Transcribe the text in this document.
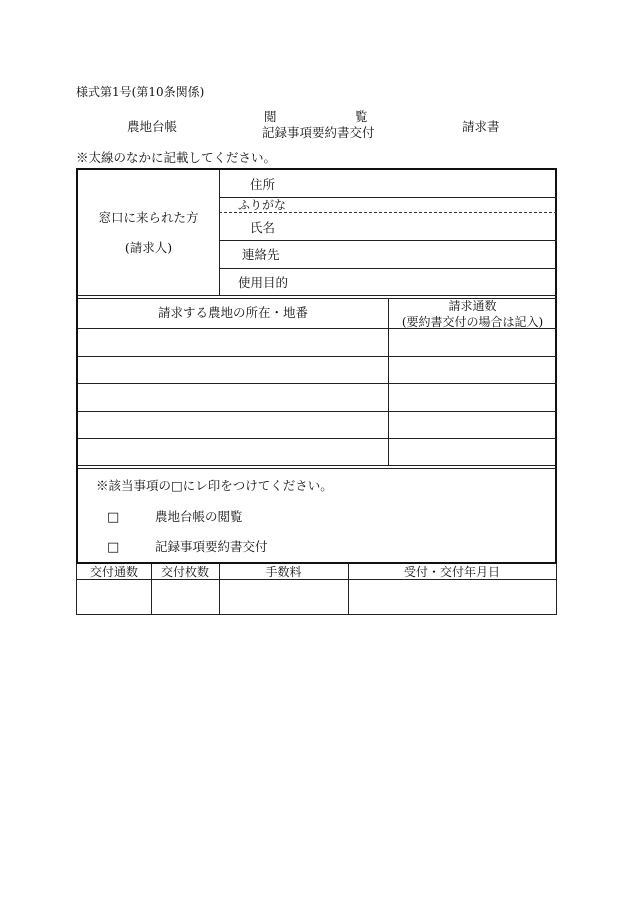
様式第1号(第10条関係)
農地台帳
閲	覧
記録事項要約書交付	請求書
※太線のなかに記載してください。
窓口に来られた方
(請求人)
住所
ふりがな
氏名
連絡先
使用目的
請求する農地の所在・地番	請求通数
(要約書交付の場合は記入)
※該当事項の□にレ印をつけてください。
□	農地台帳の閲覧
□	記録事項要約書交付
交付通数	交付枚数	手数料	受付・交付年月日
